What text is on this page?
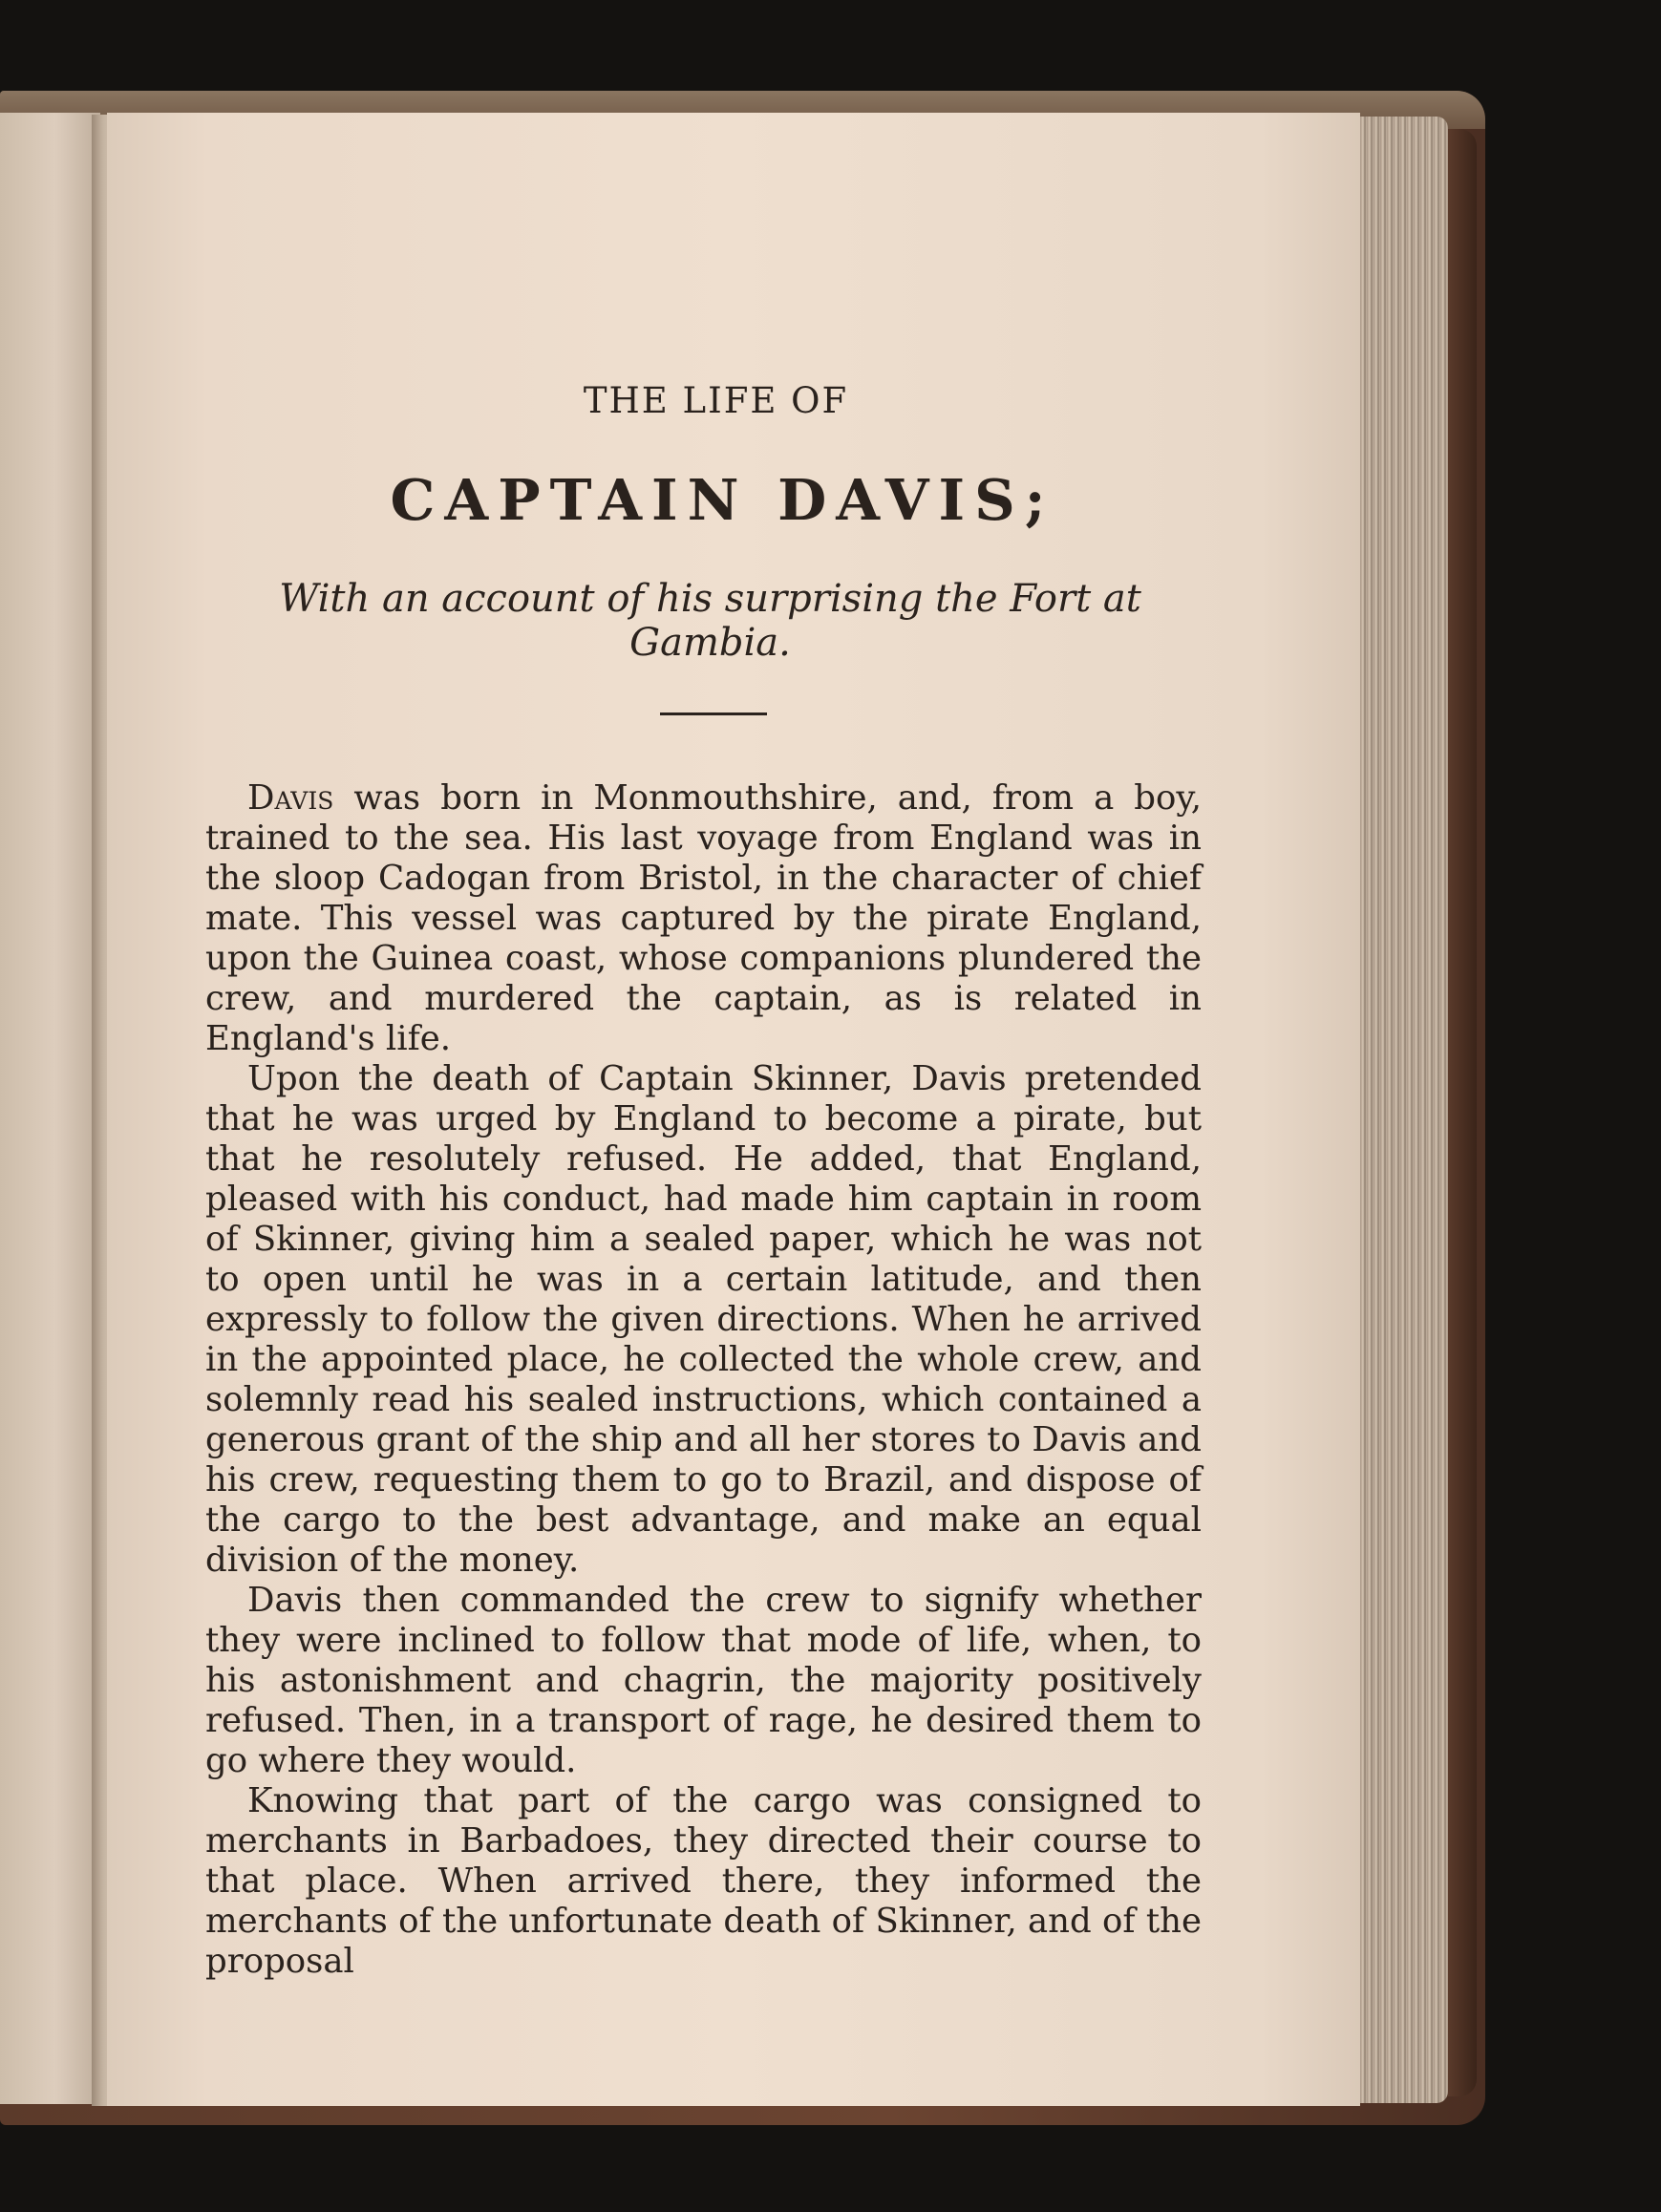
THE LIFE OF
CAPTAIN DAVIS;
With an account of his surprising the Fort at Gambia.

Davis was born in Monmouthshire, and, from a boy, trained to the sea. His last voyage from England was in the sloop Cadogan from Bristol, in the character of chief mate. This vessel was captured by the pirate England, upon the Guinea coast, whose companions plundered the crew, and murdered the captain, as is related in England's life.

Upon the death of Captain Skinner, Davis pretended that he was urged by England to become a pirate, but that he resolutely refused. He added, that England, pleased with his conduct, had made him captain in room of Skinner, giving him a sealed paper, which he was not to open until he was in a certain latitude, and then expressly to follow the given directions. When he arrived in the appointed place, he collected the whole crew, and solemnly read his sealed instructions, which contained a generous grant of the ship and all her stores to Davis and his crew, requesting them to go to Brazil, and dispose of the cargo to the best advantage, and make an equal division of the money.

Davis then commanded the crew to signify whether they were inclined to follow that mode of life, when, to his astonishment and chagrin, the majority positively refused. Then, in a transport of rage, he desired them to go where they would.

Knowing that part of the cargo was consigned to merchants in Barbadoes, they directed their course to that place. When arrived there, they informed the merchants of the unfortunate death of Skinner, and of the proposal
